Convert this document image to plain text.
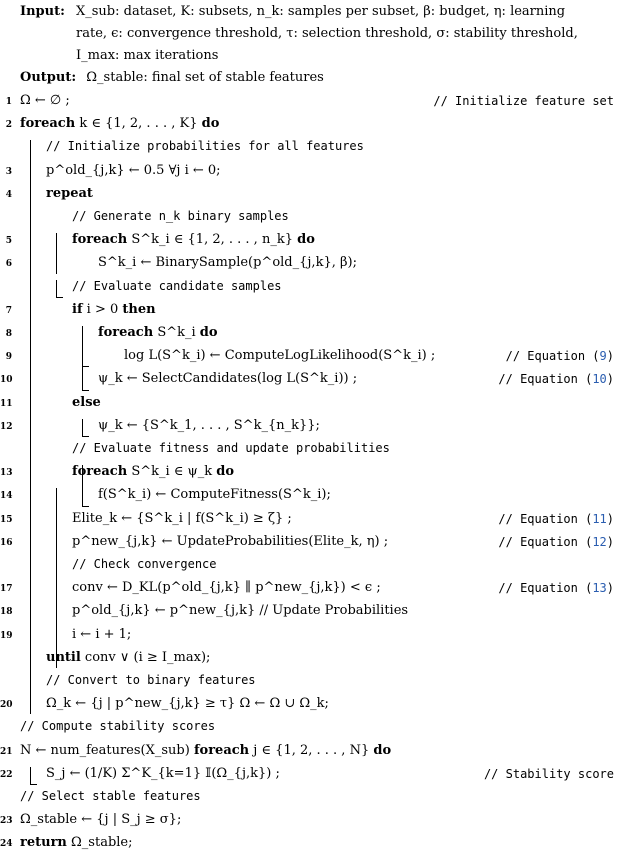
Input: X_sub: dataset, K: subsets, n_k: samples per subset, β: budget, η: learning
rate, ϵ: convergence threshold, τ: selection threshold, σ: stability threshold,
I_max: max iterations
Output: Ω_stable: final set of stable features
1 Ω ← ∅ ;	// Initialize feature set
2 foreach k ∈ {1, 2, . . . , K} do
// Initialize probabilities for all features
3	p^old_{j,k} ← 0.5 ∀j i ← 0;
4	repeat
// Generate n_k binary samples
5	foreach S^k_i ∈ {1, 2, . . . , n_k} do
6	S^k_i ← BinarySample(p^old_{j,k}, β);
// Evaluate candidate samples
7	if i > 0 then
8	foreach S^k_i do
9	log L(S^k_i) ← ComputeLogLikelihood(S^k_i) ;	// Equation (9)
10	ψ_k ← SelectCandidates(log L(S^k_i)) ;	// Equation (10)
11	else
12	ψ_k ← {S^k_1, . . . , S^k_{n_k}};
// Evaluate fitness and update probabilities
13	foreach S^k_i ∈ ψ_k do
14	f(S^k_i) ← ComputeFitness(S^k_i);
15	Elite_k ← {S^k_i | f(S^k_i) ≥ ζ} ;	// Equation (11)
16	p^new_{j,k} ← UpdateProbabilities(Elite_k, η) ;	// Equation (12)
// Check convergence
17	conv ← D_KL(p^old_{j,k} ∥ p^new_{j,k}) < ϵ ;	// Equation (13)
18	p^old_{j,k} ← p^new_{j,k} // Update Probabilities
19	i ← i + 1;
until conv ∨ (i ≥ I_max);
// Convert to binary features
20	Ω_k ← {j | p^new_{j,k} ≥ τ} Ω ← Ω ∪ Ω_k;
// Compute stability scores
21 N ← num_features(X_sub) foreach j ∈ {1, 2, . . . , N} do
22	S_j ← (1/K) Σ^K_{k=1} 𝕀(Ω_{j,k}) ;	// Stability score
// Select stable features
23 Ω_stable ← {j | S_j ≥ σ};
24 return Ω_stable;
